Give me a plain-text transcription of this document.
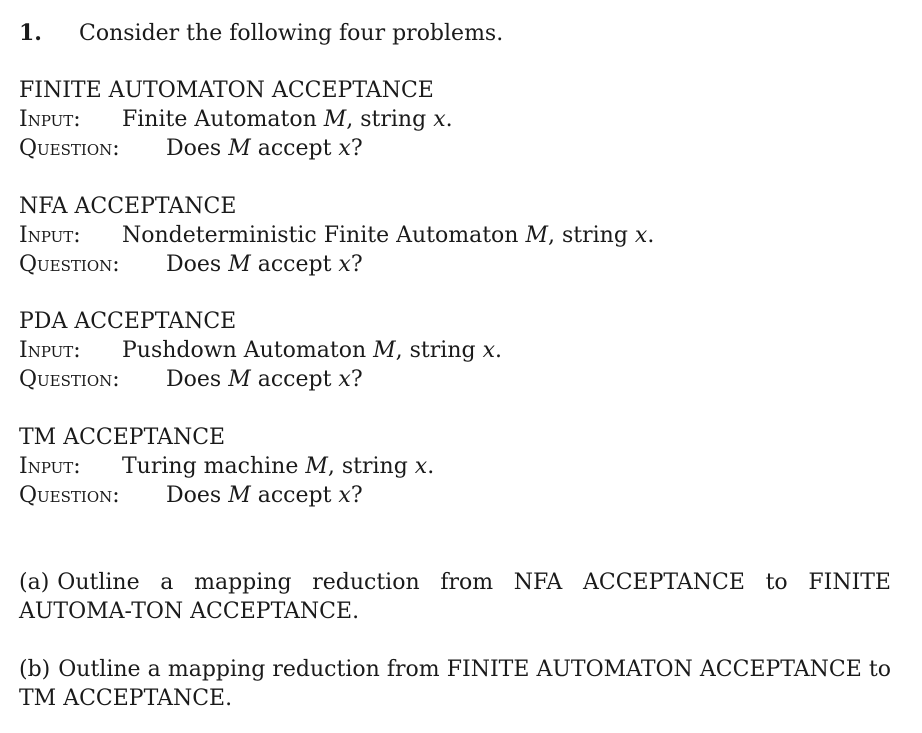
1. Consider the following four problems.
FINITE AUTOMATON ACCEPTANCE
Input: Finite Automaton M, string x.
Question: Does M accept x?
NFA ACCEPTANCE
Input: Nondeterministic Finite Automaton M, string x.
Question: Does M accept x?
PDA ACCEPTANCE
Input: Pushdown Automaton M, string x.
Question: Does M accept x?
TM ACCEPTANCE
Input: Turing machine M, string x.
Question: Does M accept x?
(a) Outline a mapping reduction from NFA ACCEPTANCE to FINITE AUTOMA-TON ACCEPTANCE.
(b) Outline a mapping reduction from FINITE AUTOMATON ACCEPTANCE to TM ACCEPTANCE.
